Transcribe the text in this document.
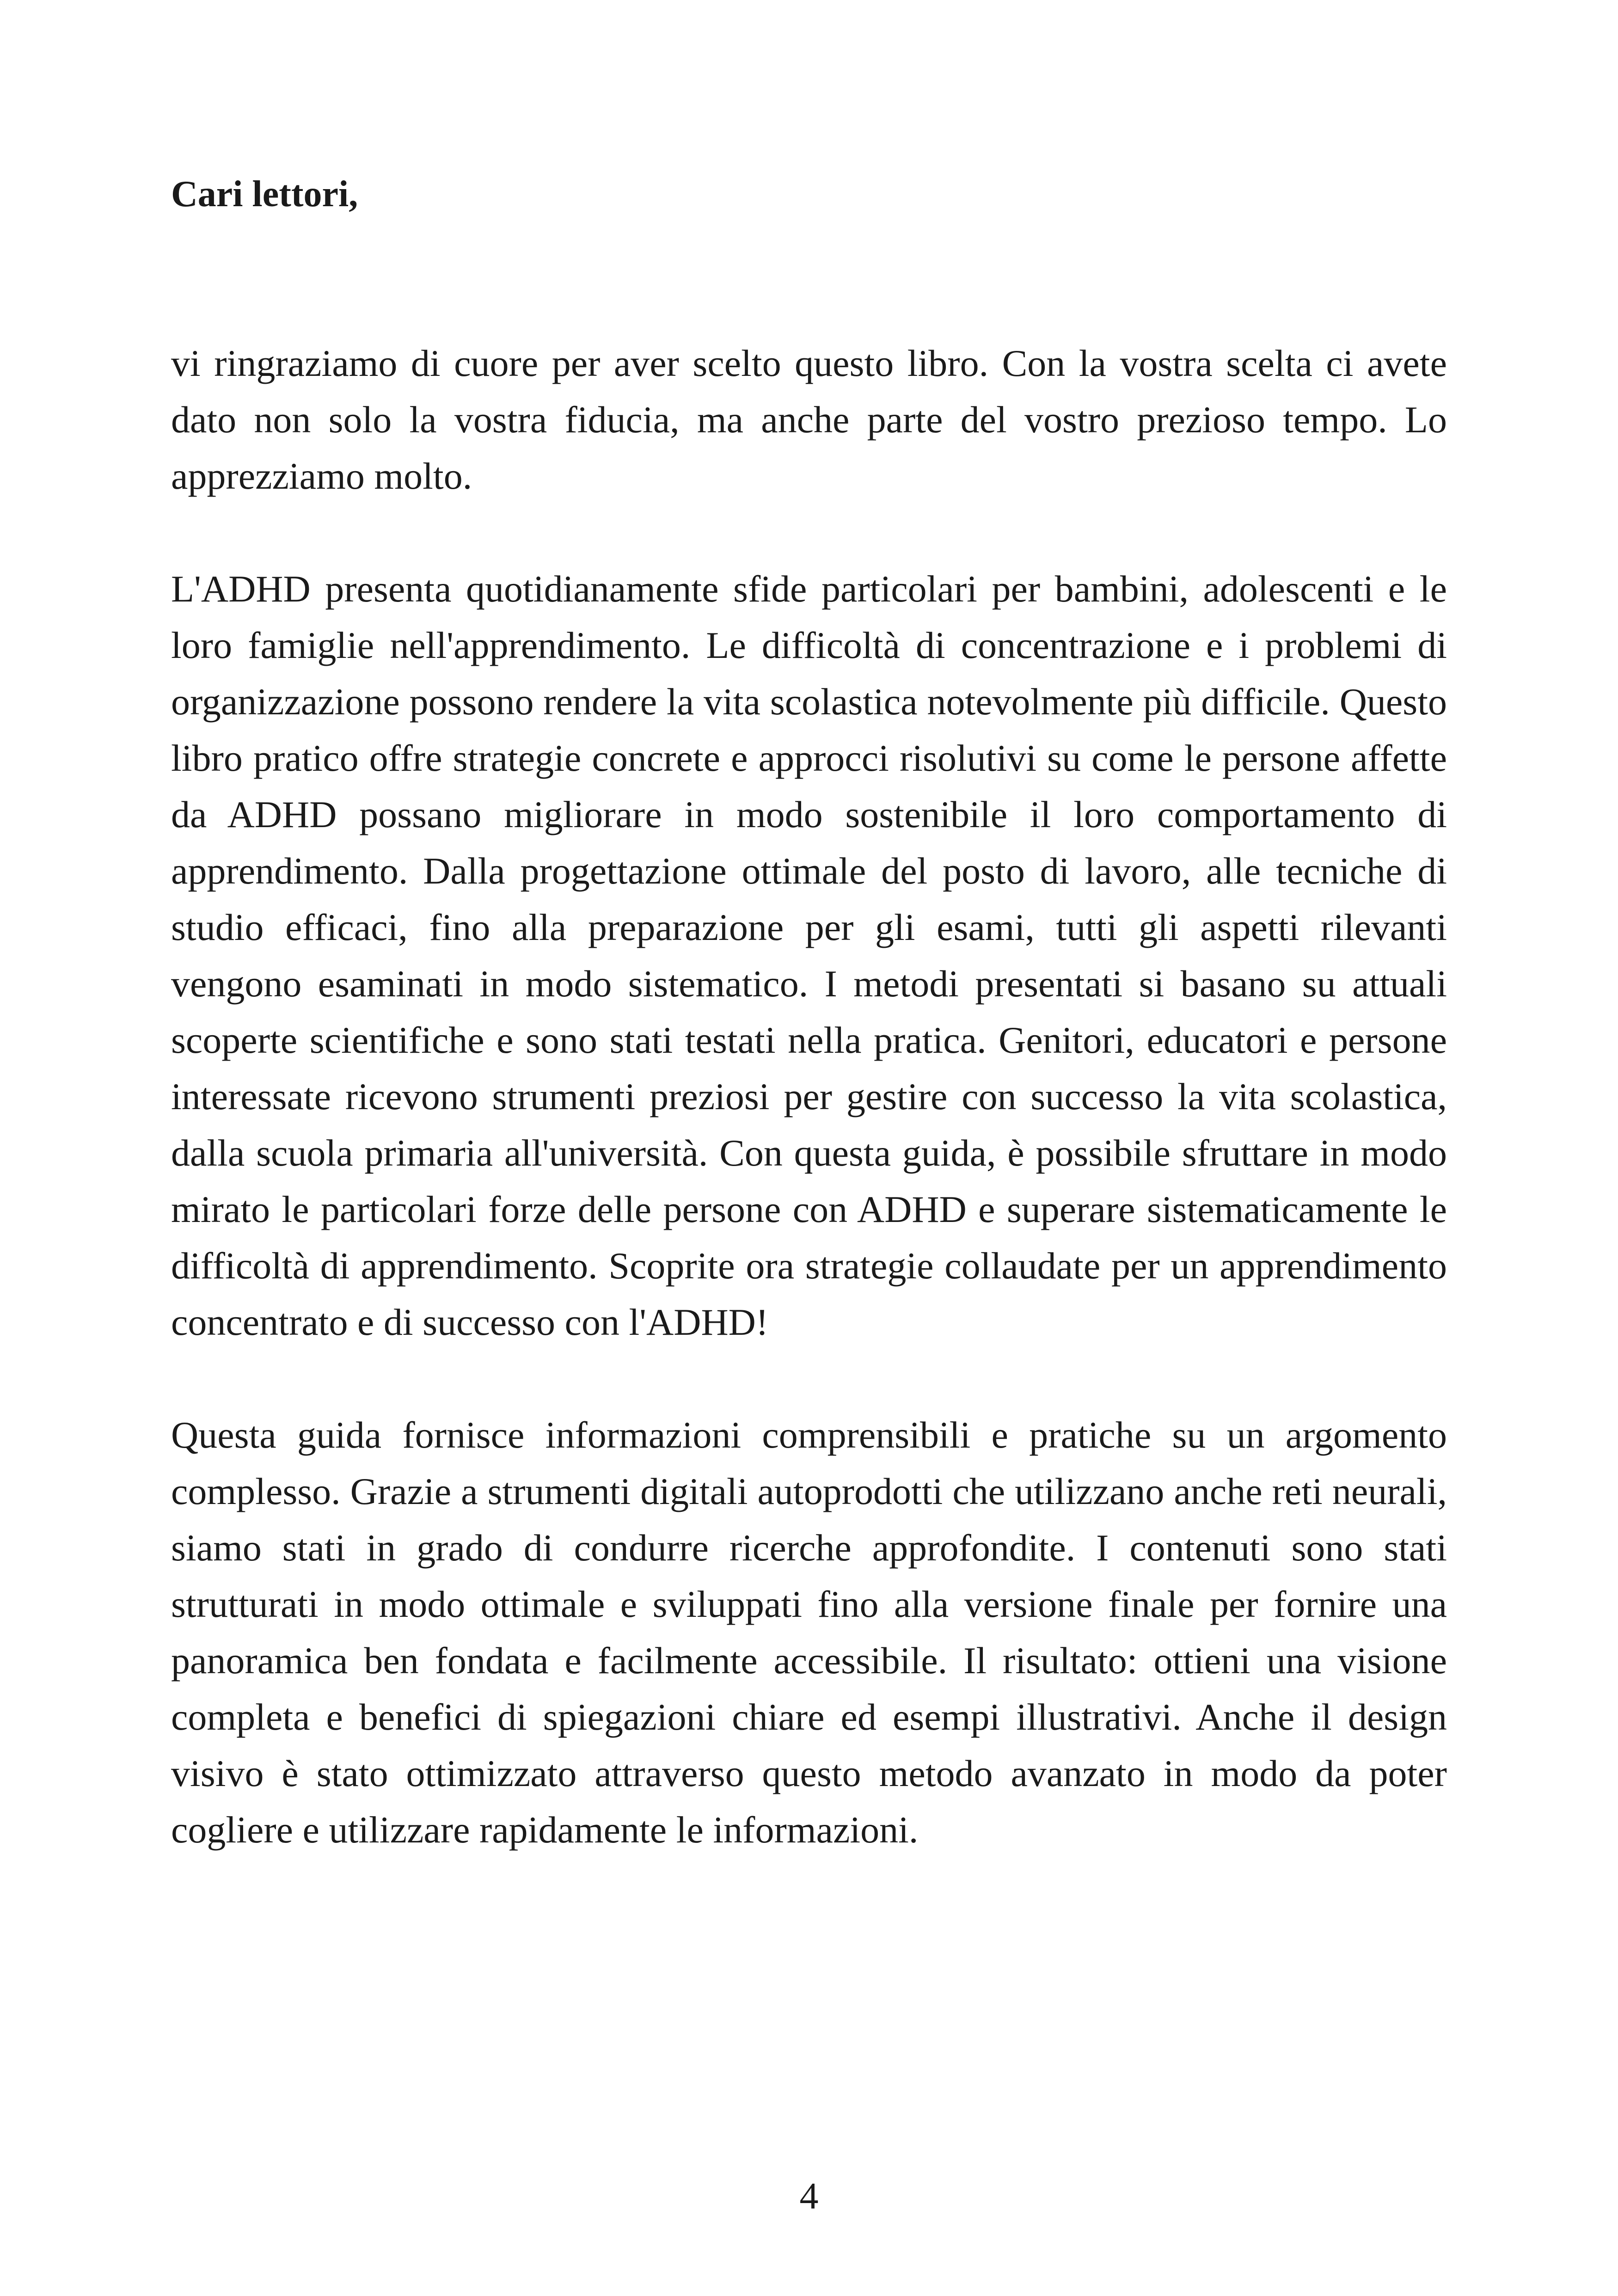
Cari lettori,

vi ringraziamo di cuore per aver scelto questo libro. Con la vostra scelta ci avete dato non solo la vostra fiducia, ma anche parte del vostro prezioso tempo. Lo apprezziamo molto.

L'ADHD presenta quotidianamente sfide particolari per bambini, adolescenti e le loro famiglie nell'apprendimento. Le difficoltà di concentrazione e i problemi di organizzazione possono rendere la vita scolastica notevolmente più difficile. Questo libro pratico offre strategie concrete e approcci risolutivi su come le persone affette da ADHD possano migliorare in modo sostenibile il loro comportamento di apprendimento. Dalla progettazione ottimale del posto di lavoro, alle tecniche di studio efficaci, fino alla preparazione per gli esami, tutti gli aspetti rilevanti vengono esaminati in modo sistematico. I metodi presentati si basano su attuali scoperte scientifiche e sono stati testati nella pratica. Genitori, educatori e persone interessate ricevono strumenti preziosi per gestire con successo la vita scolastica, dalla scuola primaria all'università. Con questa guida, è possibile sfruttare in modo mirato le particolari forze delle persone con ADHD e superare sistematicamente le difficoltà di apprendimento. Scoprite ora strategie collaudate per un apprendimento concentrato e di successo con l'ADHD!

Questa guida fornisce informazioni comprensibili e pratiche su un argomento complesso. Grazie a strumenti digitali autoprodotti che utilizzano anche reti neurali, siamo stati in grado di condurre ricerche approfondite. I contenuti sono stati strutturati in modo ottimale e sviluppati fino alla versione finale per fornire una panoramica ben fondata e facilmente accessibile. Il risultato: ottieni una visione completa e benefici di spiegazioni chiare ed esempi illustrativi. Anche il design visivo è stato ottimizzato attraverso questo metodo avanzato in modo da poter cogliere e utilizzare rapidamente le informazioni.

4
